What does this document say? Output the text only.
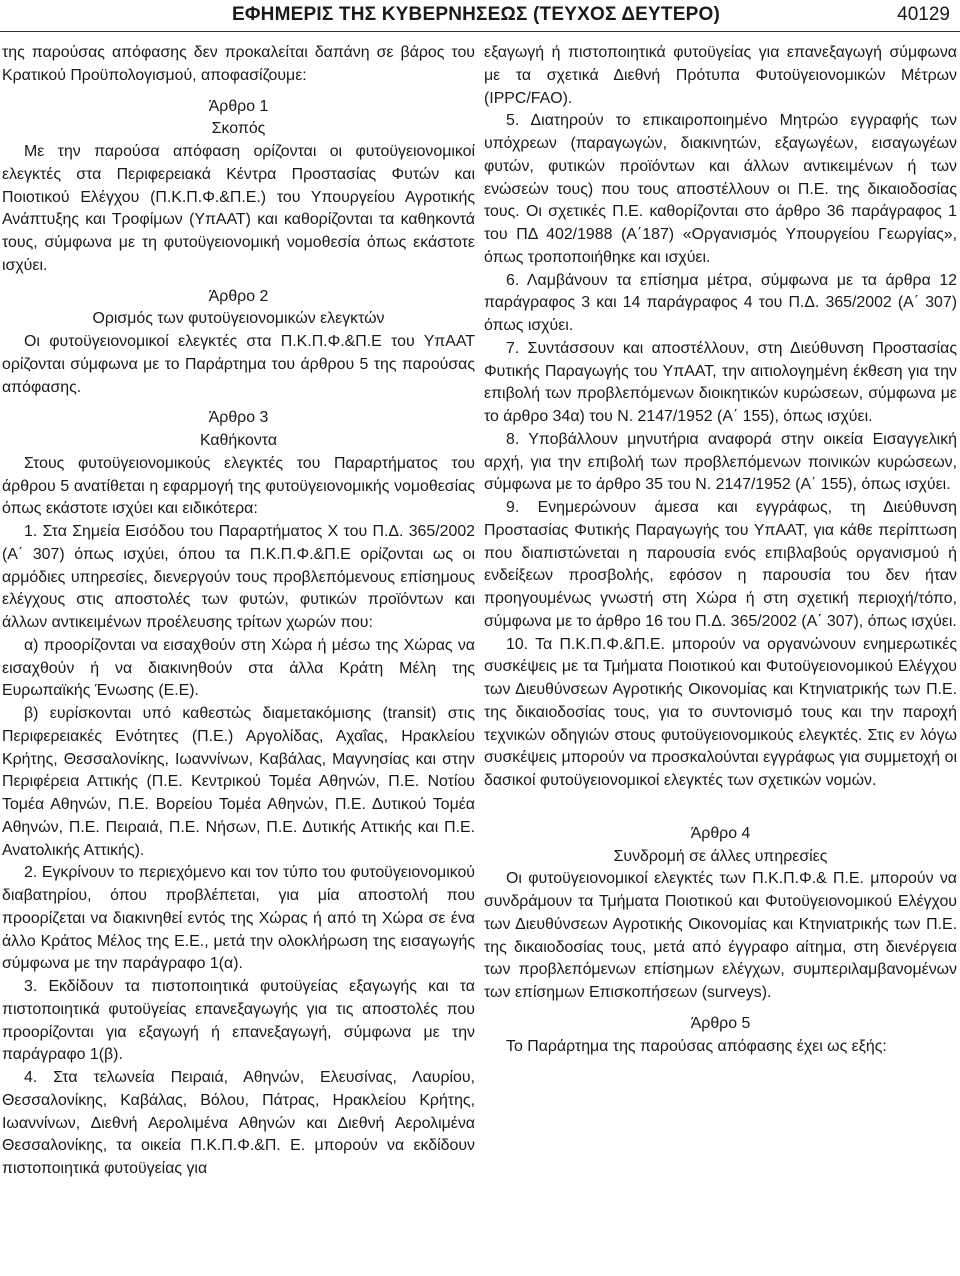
ΕΦΗΜΕΡΙΣ ΤΗΣ ΚΥΒΕΡΝΗΣΕΩΣ (ΤΕΥΧΟΣ ΔΕΥΤΕΡΟ)	40129

της παρούσας απόφασης δεν προκαλείται δαπάνη σε βάρος του Κρατικού Προϋπολογισμού, αποφασίζουμε:

Άρθρο 1

Σκοπός

Με την παρούσα απόφαση ορίζονται οι φυτοϋγειονομικοί ελεγκτές στα Περιφερειακά Κέντρα Προστασίας Φυτών και Ποιοτικού Ελέγχου (Π.Κ.Π.Φ.&Π.Ε.) του Υπουργείου Αγροτικής Ανάπτυξης και Τροφίμων (ΥπΑΑΤ) και καθορίζονται τα καθηκοντά τους, σύμφωνα με τη φυτοϋγειονομική νομοθεσία όπως εκάστοτε ισχύει.

Άρθρο 2

Ορισμός των φυτοϋγειονομικών ελεγκτών

Οι φυτοϋγειονομικοί ελεγκτές στα Π.Κ.Π.Φ.&Π.Ε του ΥπΑΑΤ ορίζονται σύμφωνα με το Παράρτημα του άρθρου 5 της παρούσας απόφασης.

Άρθρο 3

Καθήκοντα

Στους φυτοϋγειονομικούς ελεγκτές του Παραρτήματος του άρθρου 5 ανατίθεται η εφαρμογή της φυτοϋγειονομικής νομοθεσίας όπως εκάστοτε ισχύει και ειδικότερα:

1. Στα Σημεία Εισόδου του Παραρτήματος Χ του Π.Δ. 365/2002 (Α΄ 307) όπως ισχύει, όπου τα Π.Κ.Π.Φ.&Π.Ε ορίζονται ως οι αρμόδιες υπηρεσίες, διενεργούν τους προβλεπόμενους επίσημους ελέγχους στις αποστολές των φυτών, φυτικών προϊόντων και άλλων αντικειμένων προέλευσης τρίτων χωρών που:

α) προορίζονται να εισαχθούν στη Χώρα ή μέσω της Χώρας να εισαχθούν ή να διακινηθούν στα άλλα Κράτη Μέλη της Ευρωπαϊκής Ένωσης (Ε.Ε).

β) ευρίσκονται υπό καθεστώς διαμετακόμισης (transit) στις Περιφερειακές Ενότητες (Π.Ε.) Αργολίδας, Αχαΐας, Ηρακλείου Κρήτης, Θεσσαλονίκης, Ιωαννίνων, Καβάλας, Μαγνησίας και στην Περιφέρεια Αττικής (Π.Ε. Κεντρικού Τομέα Αθηνών, Π.Ε. Νοτίου Τομέα Αθηνών, Π.Ε. Βορείου Τομέα Αθηνών, Π.Ε. Δυτικού Τομέα Αθηνών, Π.Ε. Πειραιά, Π.Ε. Νήσων, Π.Ε. Δυτικής Αττικής και Π.Ε. Ανατολικής Αττικής).

2. Εγκρίνουν το περιεχόμενο και τον τύπο του φυτοϋγειονομικού διαβατηρίου, όπου προβλέπεται, για μία αποστολή που προορίζεται να διακινηθεί εντός της Χώρας ή από τη Χώρα σε ένα άλλο Κράτος Μέλος της Ε.Ε., μετά την ολοκλήρωση της εισαγωγής σύμφωνα με την παράγραφο 1(α).

3. Εκδίδουν τα πιστοποιητικά φυτοϋγείας εξαγωγής και τα πιστοποιητικά φυτοϋγείας επανεξαγωγής για τις αποστολές που προορίζονται για εξαγωγή ή επανεξαγωγή, σύμφωνα με την παράγραφο 1(β).

4. Στα τελωνεία Πειραιά, Αθηνών, Ελευσίνας, Λαυρίου, Θεσσαλονίκης, Καβάλας, Βόλου, Πάτρας, Ηρακλείου Κρήτης, Ιωαννίνων, Διεθνή Αερολιμένα Αθηνών και Διεθνή Αερολιμένα Θεσσαλονίκης, τα οικεία Π.Κ.Π.Φ.&Π. Ε. μπορούν να εκδίδουν πιστοποιητικά φυτοϋγείας για

εξαγωγή ή πιστοποιητικά φυτοϋγείας για επανεξαγωγή σύμφωνα με τα σχετικά Διεθνή Πρότυπα Φυτοϋγειονομικών Μέτρων (IPPC/FAO).

5. Διατηρούν το επικαιροποιημένο Μητρώο εγγραφής των υπόχρεων (παραγωγών, διακινητών, εξαγωγέων, εισαγωγέων φυτών, φυτικών προϊόντων και άλλων αντικειμένων ή των ενώσεών τους) που τους αποστέλλουν οι Π.Ε. της δικαιοδοσίας τους. Οι σχετικές Π.Ε. καθορίζονται στο άρθρο 36 παράγραφος 1 του ΠΔ 402/1988 (Α΄187) «Οργανισμός Υπουργείου Γεωργίας», όπως τροποποιήθηκε και ισχύει.

6. Λαμβάνουν τα επίσημα μέτρα, σύμφωνα με τα άρθρα 12 παράγραφος 3 και 14 παράγραφος 4 του Π.Δ. 365/2002 (Α΄ 307) όπως ισχύει.

7. Συντάσσουν και αποστέλλουν, στη Διεύθυνση Προστασίας Φυτικής Παραγωγής του ΥπΑΑΤ, την αιτιολογημένη έκθεση για την επιβολή των προβλεπόμενων διοικητικών κυρώσεων, σύμφωνα με το άρθρο 34α) του Ν. 2147/1952 (Α΄ 155), όπως ισχύει.

8. Υποβάλλουν μηνυτήρια αναφορά στην οικεία Εισαγγελική αρχή, για την επιβολή των προβλεπόμενων ποινικών κυρώσεων, σύμφωνα με το άρθρο 35 του Ν. 2147/1952 (Α΄ 155), όπως ισχύει.

9. Ενημερώνουν άμεσα και εγγράφως, τη Διεύθυνση Προστασίας Φυτικής Παραγωγής του ΥπΑΑΤ, για κάθε περίπτωση που διαπιστώνεται η παρουσία ενός επιβλαβούς οργανισμού ή ενδείξεων προσβολής, εφόσον η παρουσία του δεν ήταν προηγουμένως γνωστή στη Χώρα ή στη σχετική περιοχή/τόπο, σύμφωνα με το άρθρο 16 του Π.Δ. 365/2002 (Α΄ 307), όπως ισχύει.

10. Τα Π.Κ.Π.Φ.&Π.Ε. μπορούν να οργανώνουν ενημερωτικές συσκέψεις με τα Τμήματα Ποιοτικού και Φυτοϋγειονομικού Ελέγχου των Διευθύνσεων Αγροτικής Οικονομίας και Κτηνιατρικής των Π.Ε. της δικαιοδοσίας τους, για το συντονισμό τους και την παροχή τεχνικών οδηγιών στους φυτοϋγειονομικούς ελεγκτές. Στις εν λόγω συσκέψεις μπορούν να προσκαλούνται εγγράφως για συμμετοχή οι δασικοί φυτοϋγειονομικοί ελεγκτές των σχετικών νομών.

Άρθρο 4

Συνδρομή σε άλλες υπηρεσίες

Οι φυτοϋγειονομικοί ελεγκτές των Π.Κ.Π.Φ.& Π.Ε. μπορούν να συνδράμουν τα Τμήματα Ποιοτικού και Φυτοϋγειονομικού Ελέγχου των Διευθύνσεων Αγροτικής Οικονομίας και Κτηνιατρικής των Π.Ε. της δικαιοδοσίας τους, μετά από έγγραφο αίτημα, στη διενέργεια των προβλεπόμενων επίσημων ελέγχων, συμπεριλαμβανομένων των επίσημων Επισκοπήσεων (surveys).

Άρθρο 5

Το Παράρτημα της παρούσας απόφασης έχει ως εξής:
